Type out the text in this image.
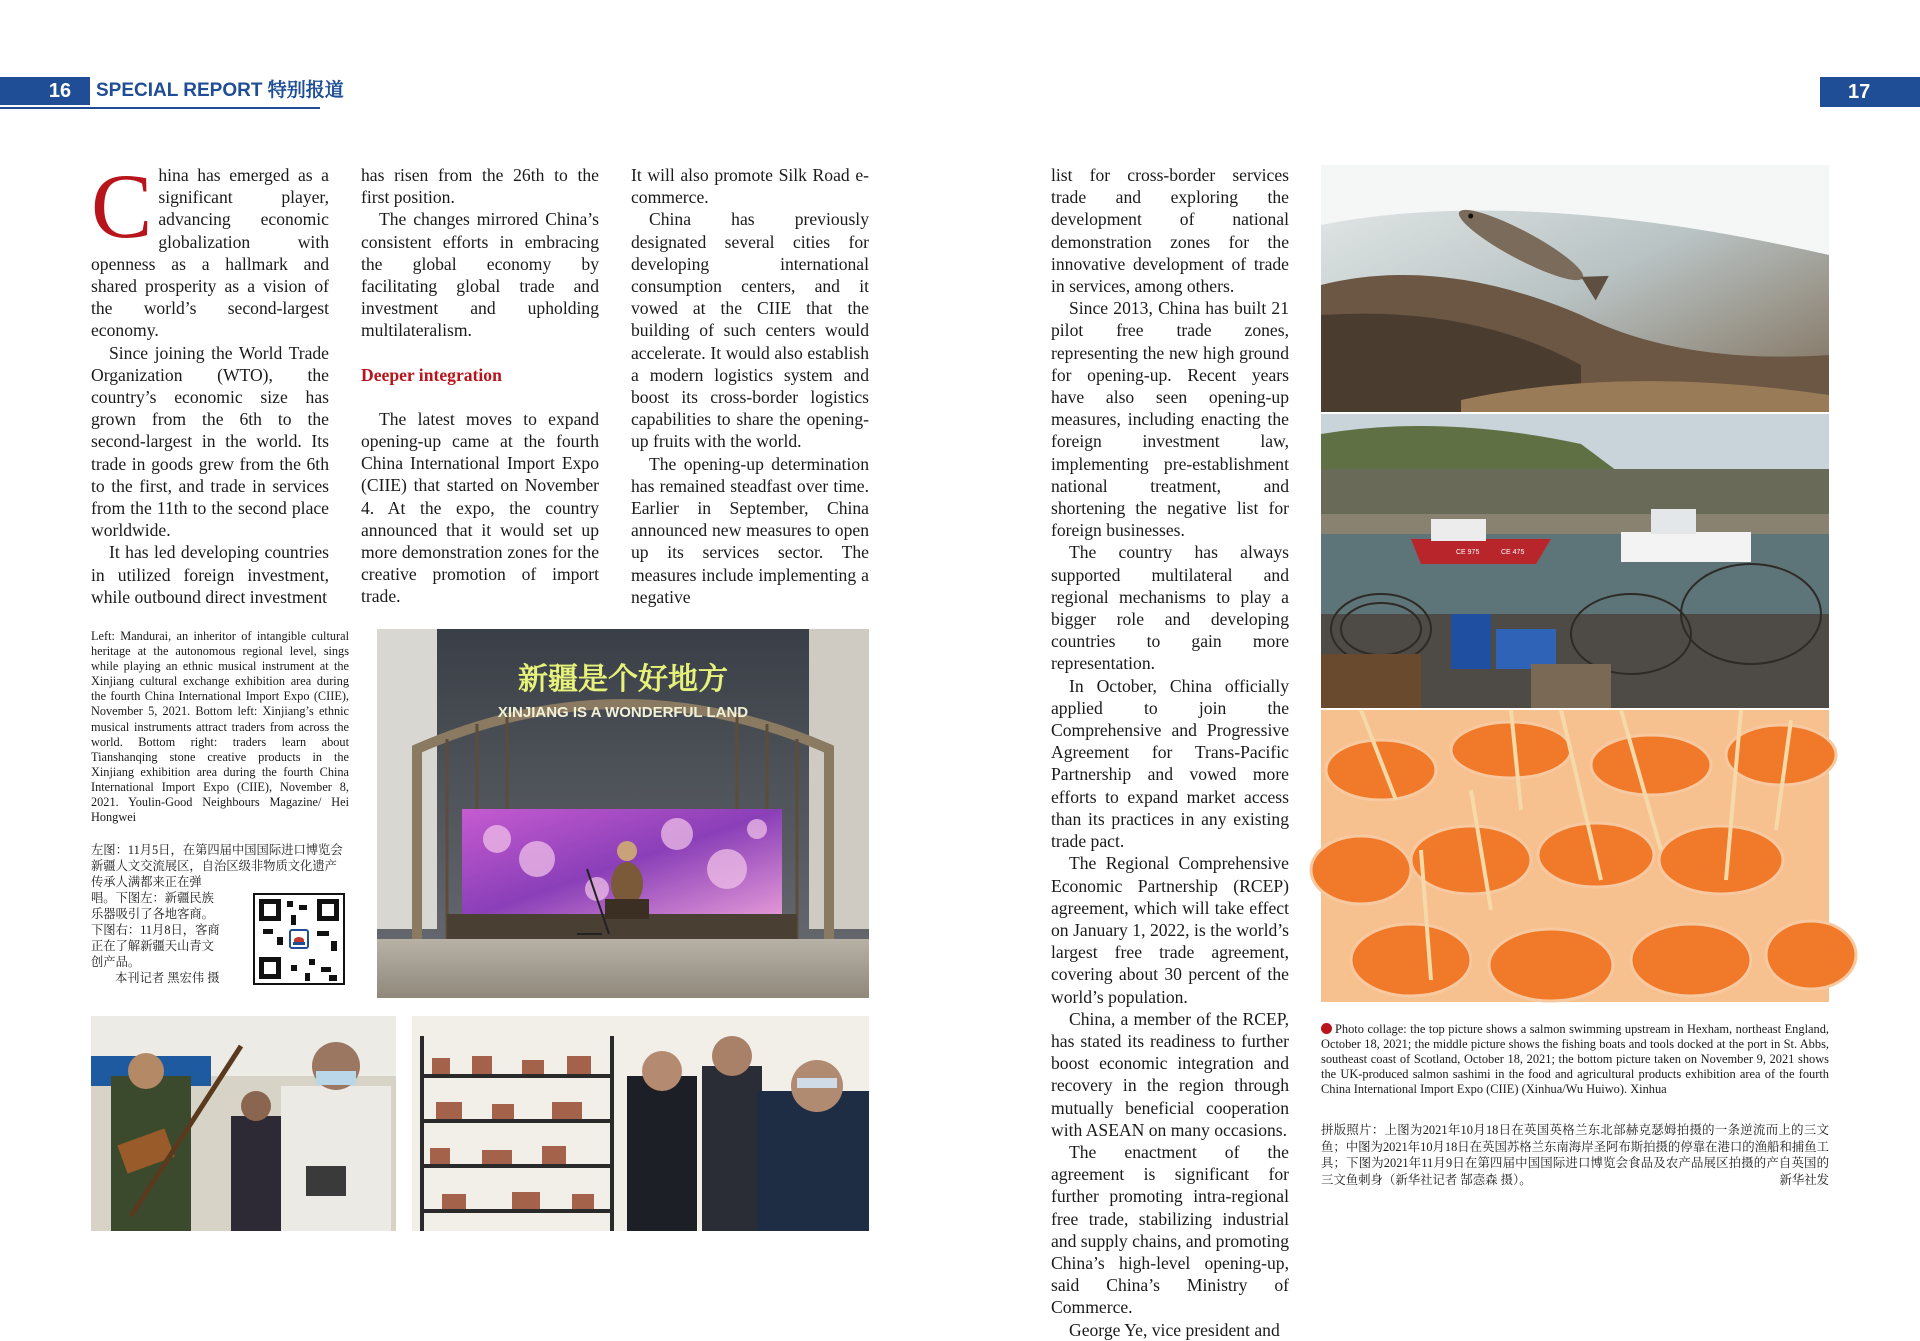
16	SPECIAL REPORT 特别报道	17
C hina has emerged as a significant player, advancing economic globalization with openness as a hallmark and shared prosperity as a vision of the world’s second-largest economy.

Since joining the World Trade Organization (WTO), the country’s economic size has grown from the 6th to the second-largest in the world. Its trade in goods grew from the 6th to the first, and trade in services from the 11th to the second place worldwide.

It has led developing countries in utilized foreign investment, while outbound direct investment

has risen from the 26th to the first position.

The changes mirrored China’s consistent efforts in embracing the global economy by facilitating global trade and investment and upholding multilateralism.

Deeper integration

The latest moves to expand opening-up came at the fourth China International Import Expo (CIIE) that started on November 4. At the expo, the country announced that it would set up more demonstration zones for the creative promotion of import trade.

It will also promote Silk Road e-commerce.

China has previously designated several cities for developing international consumption centers, and it vowed at the CIIE that the building of such centers would accelerate. It would also establish a modern logistics system and boost its cross-border logistics capabilities to share the opening-up fruits with the world.

The opening-up determination has remained steadfast over time. Earlier in September, China announced new measures to open up its services sector. The measures include implementing a negative

list for cross-border services trade and exploring the development of national demonstration zones for the innovative development of trade in services, among others.

Since 2013, China has built 21 pilot free trade zones, representing the new high ground for opening-up. Recent years have also seen opening-up measures, including enacting the foreign investment law, implementing pre-establishment national treatment, and shortening the negative list for foreign businesses.

The country has always supported multilateral and regional mechanisms to play a bigger role and developing countries to gain more representation.

In October, China officially applied to join the Comprehensive and Progressive Agreement for Trans-Pacific Partnership and vowed more efforts to expand market access than its practices in any existing trade pact.

The Regional Comprehensive Economic Partnership (RCEP) agreement, which will take effect on January 1, 2022, is the world’s largest free trade agreement, covering about 30 percent of the world’s population.

China, a member of the RCEP, has stated its readiness to further boost economic integration and recovery in the region through mutually beneficial cooperation with ASEAN on many occasions.

The enactment of the agreement is significant for further promoting intra-regional free trade, stabilizing industrial and supply chains, and promoting China’s high-level opening-up, said China’s Ministry of Commerce.

George Ye, vice president and

Left: Mandurai, an inheritor of intangible cultural heritage at the autonomous regional level, sings while playing an ethnic musical instrument at the Xinjiang cultural exchange exhibition area during the fourth China International Import Expo (CIIE), November 5, 2021. Bottom left: Xinjiang’s ethnic musical instruments attract traders from across the world. Bottom right: traders learn about Tianshanqing stone creative products in the Xinjiang exhibition area during the fourth China International Import Expo (CIIE), November 8, 2021. Youlin-Good Neighbours Magazine/ Hei Hongwei
左图：11月5日，在第四届中国国际进口博览会新疆人文交流展区，自治区级非物质文化遗产传承人满都来正在弹
唱。下图左：新疆民族
乐器吸引了各地客商。
下图右：11月8日，客商
正在了解新疆天山青文
创产品。
本刊记者 黑宏伟 摄
新疆是个好地方
XINJIANG IS A WONDERFUL LAND
CE 975	CE 475
Photo collage: the top picture shows a salmon swimming upstream in Hexham, northeast England, October 18, 2021; the middle picture shows the fishing boats and tools docked at the port in St. Abbs, southeast coast of Scotland, October 18, 2021; the bottom picture taken on November 9, 2021 shows the UK-produced salmon sashimi in the food and agricultural products exhibition area of the fourth China International Import Expo (CIIE) (Xinhua/Wu Huiwo). Xinhua
拼版照片：上图为2021年10月18日在英国英格兰东北部赫克瑟姆拍摄的一条逆流而上的三文鱼；中图为2021年10月18日在英国苏格兰东南海岸圣阿布斯拍摄的停靠在港口的渔船和捕鱼工具；下图为2021年11月9日在第四届中国国际进口博览会食品及农产品展区拍摄的产自英国的三文鱼刺身（新华社记者 郜悫森 摄）。	新华社发
